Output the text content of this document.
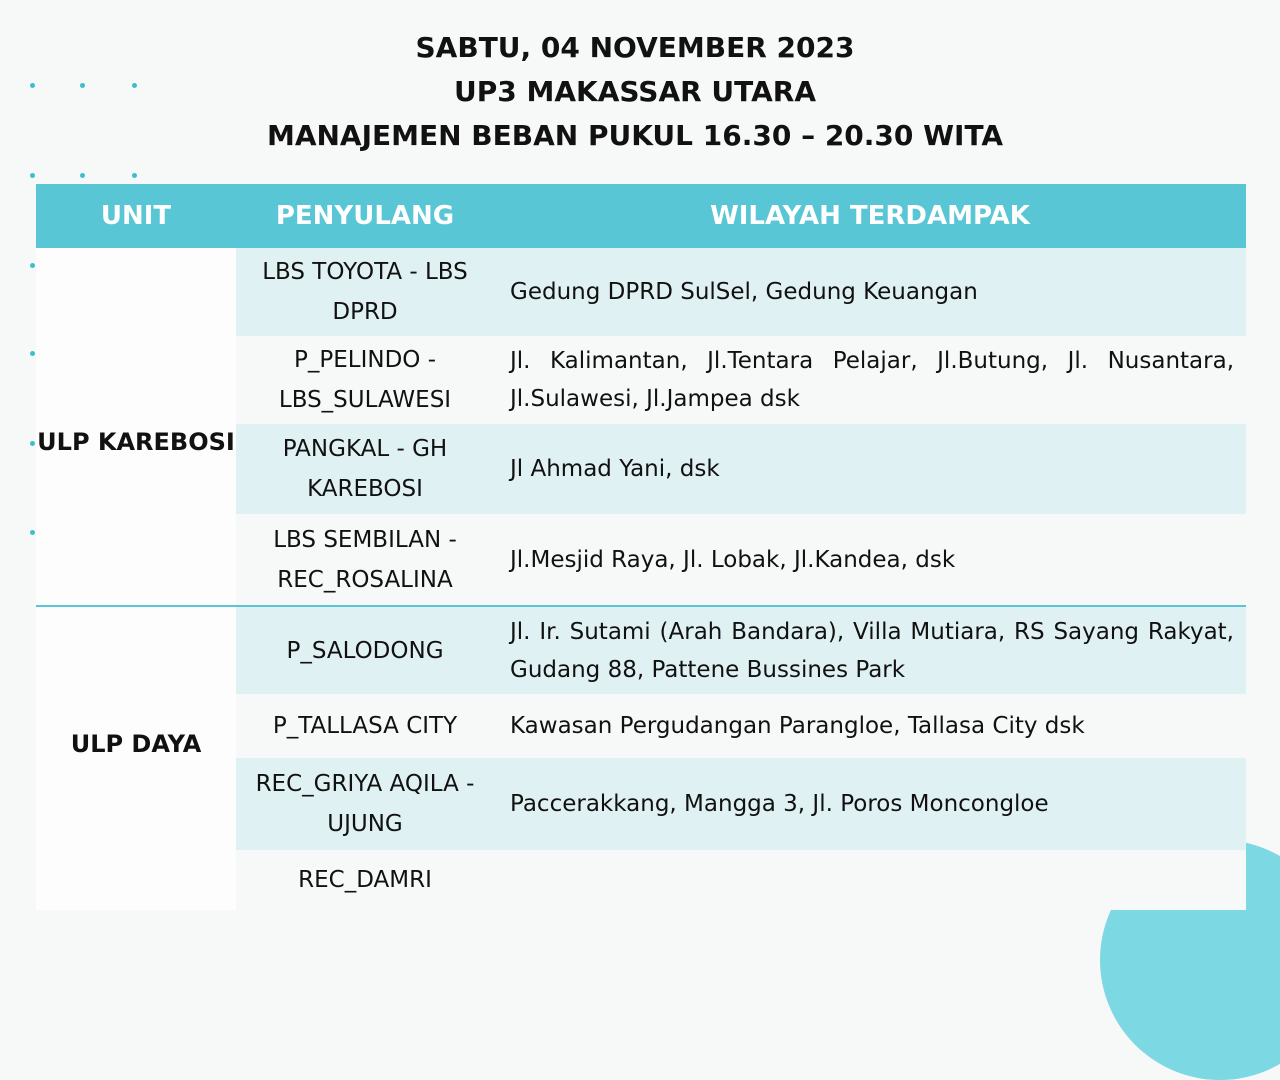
SABTU, 04 NOVEMBER 2023
UP3 MAKASSAR UTARA
MANAJEMEN BEBAN PUKUL 16.30 – 20.30 WITA
UNIT	PENYULANG	WILAYAH TERDAMPAK

ULP KAREBOSI	LBS TOYOTA - LBS DPRD	Gedung DPRD SulSel, Gedung Keuangan
	P_PELINDO - LBS_SULAWESI	Jl. Kalimantan, Jl.Tentara Pelajar, Jl.Butung, Jl. Nusantara, Jl.Sulawesi, Jl.Jampea dsk
	PANGKAL - GH KAREBOSI	Jl Ahmad Yani, dsk
	LBS SEMBILAN - REC_ROSALINA	Jl.Mesjid Raya, Jl. Lobak, Jl.Kandea, dsk

ULP DAYA	P_SALODONG	Jl. Ir. Sutami (Arah Bandara), Villa Mutiara, RS Sayang Rakyat, Gudang 88, Pattene Bussines Park
	P_TALLASA CITY	Kawasan Pergudangan Parangloe, Tallasa City dsk
	REC_GRIYA AQILA - UJUNG	Paccerakkang, Mangga 3, Jl. Poros Moncongloe
	REC_DAMRI	
